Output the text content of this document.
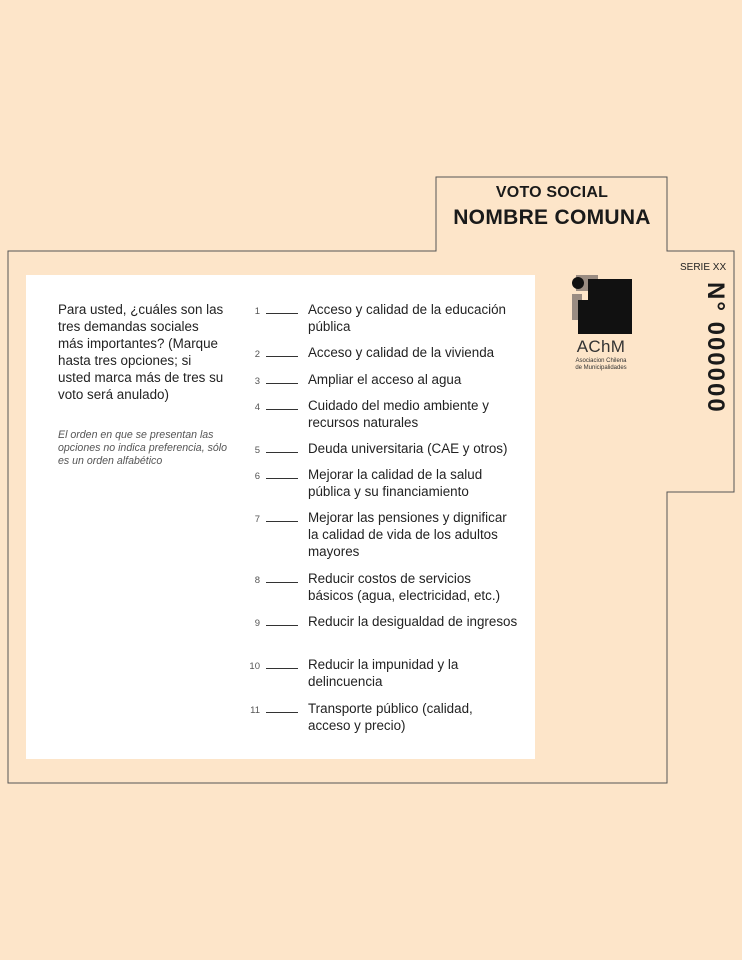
VOTO SOCIAL
NOMBRE COMUNA
SERIE XX
N° 000000
Para usted, ¿cuáles son las tres demandas sociales más importantes? (Marque hasta tres opciones; si usted marca más de tres su voto será anulado)
El orden en que se presentan las opciones no indica preferencia, sólo es un orden alfabético
1	Acceso y calidad de la educación pública
2	Acceso y calidad de la vivienda
3	Ampliar el acceso al agua
4	Cuidado del medio ambiente y recursos naturales
5	Deuda universitaria (CAE y otros)
6	Mejorar la calidad de la salud pública y su financiamiento
7	Mejorar las pensiones y dignificar la calidad de vida de los adultos mayores
8	Reducir costos de servicios básicos (agua, electricidad, etc.)
9	Reducir la desigualdad de ingresos
10	Reducir la impunidad y la delincuencia
11	Transporte público (calidad, acceso y precio)
AChM
Asociacion Chilena
de Municipalidades
